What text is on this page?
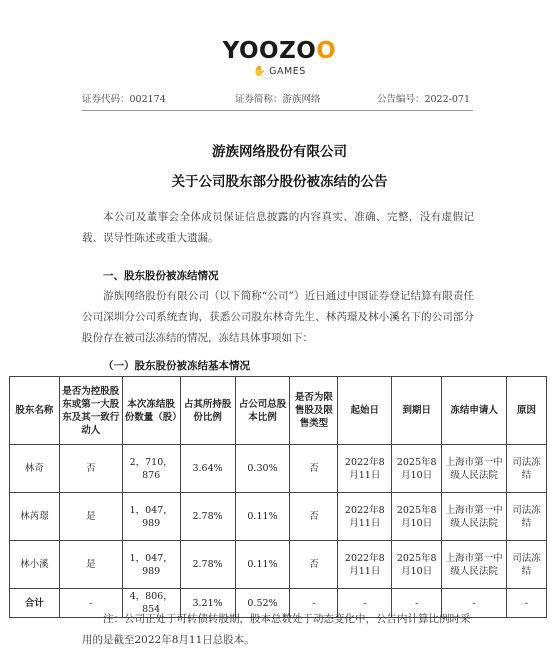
YOOZOO
✋ GAMES
证券代码：002174	证券简称：游族网络	公告编号：2022-071
游族网络股份有限公司
关于公司股东部分股份被冻结的公告
本公司及董事会全体成员保证信息披露的内容真实、准确、完整，没有虚假记载、误导性陈述或重大遗漏。
一、股东股份被冻结情况
游族网络股份有限公司（以下简称“公司”）近日通过中国证券登记结算有限责任公司深圳分公司系统查询，获悉公司股东林奇先生、林芮璟及林小溪名下的公司部分股份存在被司法冻结的情况，冻结具体事项如下：
（一）股东股份被冻结基本情况
股东名称	是否为控股股东或第一大股东及其一致行动人	本次冻结股份数量（股）	占其所持股份比例	占公司总股本比例	是否为限售股及限售类型	起始日	到期日	冻结申请人	原因
林奇	否	2，710，876	3.64%	0.30%	否	2022年8月11日	2025年8月10日	上海市第一中级人民法院	司法冻结
林芮璟	是	1，047，989	2.78%	0.11%	否	2022年8月11日	2025年8月10日	上海市第一中级人民法院	司法冻结
林小溪	是	1，047，989	2.78%	0.11%	否	2022年8月11日	2025年8月10日	上海市第一中级人民法院	司法冻结
合计	-	4，806，854	3.21%	0.52%	-	-	-	-	-
注：公司正处于可转债转股期，股本总数处于动态变化中，公告内计算比例时采用的是截至2022年8月11日总股本。
